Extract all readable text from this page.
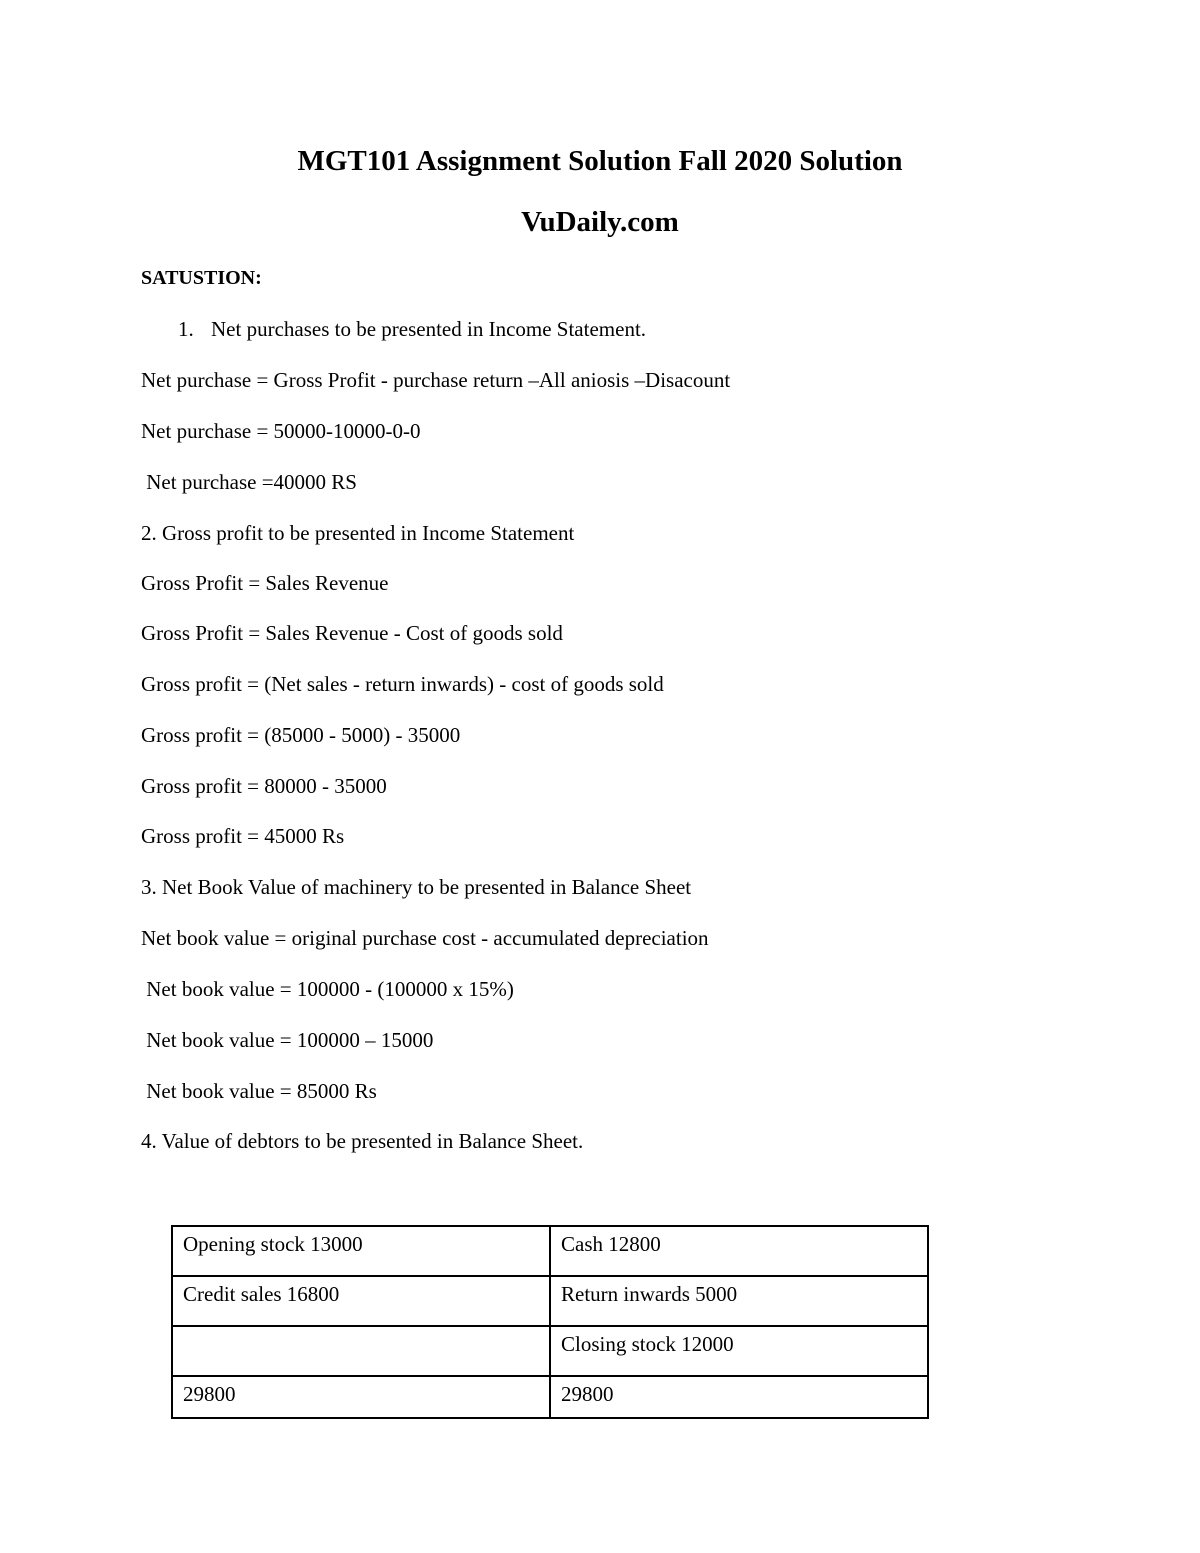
MGT101 Assignment Solution Fall 2020 Solution
VuDaily.com
SATUSTION:
1. Net purchases to be presented in Income Statement.
Net purchase = Gross Profit - purchase return –All aniosis –Disacount
Net purchase = 50000-10000-0-0
Net purchase =40000 RS
2. Gross profit to be presented in Income Statement
Gross Profit = Sales Revenue
Gross Profit = Sales Revenue - Cost of goods sold
Gross profit = (Net sales - return inwards) - cost of goods sold
Gross profit = (85000 - 5000) - 35000
Gross profit = 80000 - 35000
Gross profit = 45000 Rs
3. Net Book Value of machinery to be presented in Balance Sheet
Net book value = original purchase cost - accumulated depreciation
Net book value = 100000 - (100000 x 15%)
Net book value = 100000 – 15000
Net book value = 85000 Rs
4. Value of debtors to be presented in Balance Sheet.
Opening stock 13000	Cash 12800
Credit sales 16800	Return inwards 5000
	Closing stock 12000
29800	29800
